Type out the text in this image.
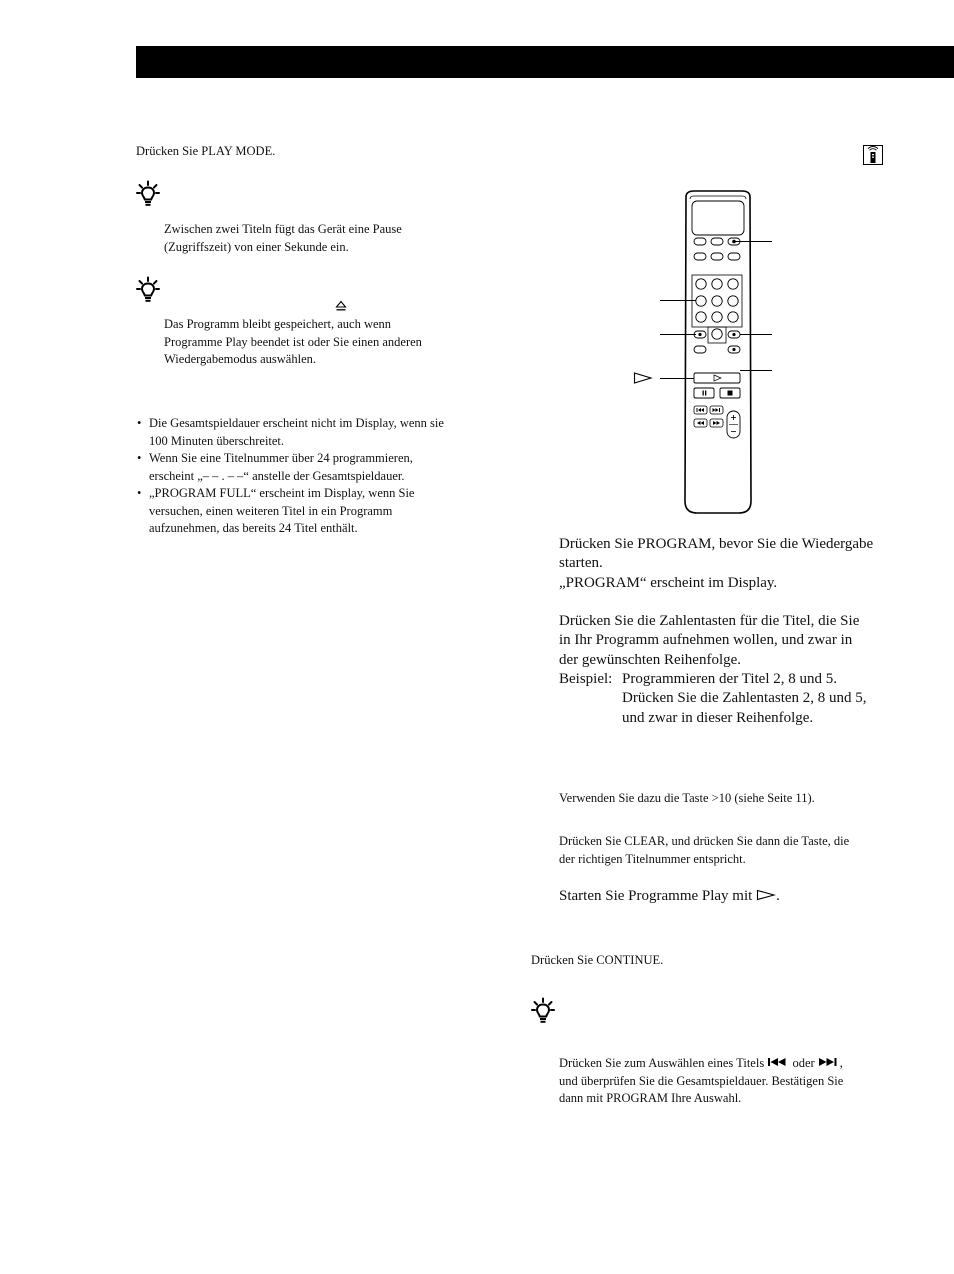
Drücken Sie PLAY MODE.
Zwischen zwei Titeln fügt das Gerät eine Pause
(Zugriffszeit) von einer Sekunde ein.
Das Programm bleibt gespeichert, auch wenn
Programme Play beendet ist oder Sie einen anderen
Wiedergabemodus auswählen.
• Die Gesamtspieldauer erscheint nicht im Display, wenn sie
100 Minuten überschreitet.
• Wenn Sie eine Titelnummer über 24 programmieren,
erscheint „– – . – –“ anstelle der Gesamtspieldauer.
• „PROGRAM FULL“ erscheint im Display, wenn Sie
versuchen, einen weiteren Titel in ein Programm
aufzunehmen, das bereits 24 Titel enthält.
Drücken Sie PROGRAM, bevor Sie die Wiedergabe
starten.
„PROGRAM“ erscheint im Display.
Drücken Sie die Zahlentasten für die Titel, die Sie
in Ihr Programm aufnehmen wollen, und zwar in
der gewünschten Reihenfolge.
Beispiel: Programmieren der Titel 2, 8 und 5.
Drücken Sie die Zahlentasten 2, 8 und 5,
und zwar in dieser Reihenfolge.
Verwenden Sie dazu die Taste >10 (siehe Seite 11).
Drücken Sie CLEAR, und drücken Sie dann die Taste, die
der richtigen Titelnummer entspricht.
Starten Sie Programme Play mit .
Drücken Sie CONTINUE.
Drücken Sie zum Auswählen eines Titels oder ,
und überprüfen Sie die Gesamtspieldauer. Bestätigen Sie
dann mit PROGRAM Ihre Auswahl.
